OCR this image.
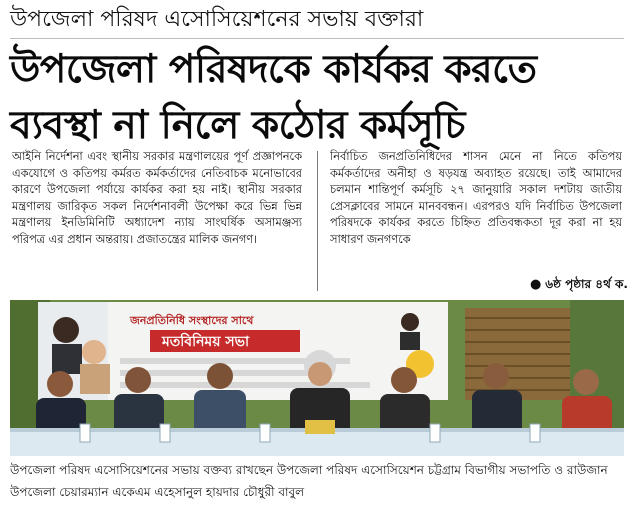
উপজেলা পরিষদ এসোসিয়েশনের সভায় বক্তারা
উপজেলা পরিষদকে কার্যকর করতে
ব্যবস্থা না নিলে কঠোর কর্মসূচি
আইনি নির্দেশনা এবং স্থানীয় সরকার মন্ত্রণালয়ের পূর্ণ প্রজ্ঞাপনকে একযোগে ও কতিপয় কর্মরত কর্মকর্তাদের নেতিবাচক মনোভাবের কারণে উপজেলা পর্যায়ে কার্যকর করা হয় নাই। স্থানীয় সরকার মন্ত্রণালয় জারিকৃত সকল নির্দেশনাবলী উপেক্ষা করে ভিন্ন ভিন্ন মন্ত্রণালয় ইনডিমিনিটি অধ্যাদেশ ন্যায় সাংঘর্ষিক অসামঞ্জস্য পরিপত্র এর প্রধান অন্তরায়। প্রজাতন্ত্রের মালিক জনগণ।
নির্বাচিত জনপ্রতিনিধিদের শাসন মেনে না নিতে কতিপয় কর্মকর্তাদের অনীহা ও ষড়যন্ত্র অব্যাহত রয়েছে। তাই আমাদের চলমান শান্তিপূর্ণ কর্মসূচি ২৭ জানুয়ারি সকাল দশটায় জাতীয় প্রেসক্লাবের সামনে মানববন্ধন। এরপরও যদি নির্বাচিত উপজেলা পরিষদকে কার্যকর করতে চিহ্নিত প্রতিবন্ধকতা দূর করা না হয় সাধারণ জনগণকে
● ৬ষ্ঠ পৃষ্ঠার ৪র্থ ক.
জনপ্রতিনিধি সংস্থাদের সাথে
মতবিনিময় সভা
উপজেলা পরিষদ এসোসিয়েশনের সভায় বক্তব্য রাখছেন উপজেলা পরিষদ এসোসিয়েশন চট্টগ্রাম বিভাগীয় সভাপতি ও রাউজান উপজেলা চেয়ারম্যান একেএম এহেসানুল হায়দার চৌধুরী বাবুল
